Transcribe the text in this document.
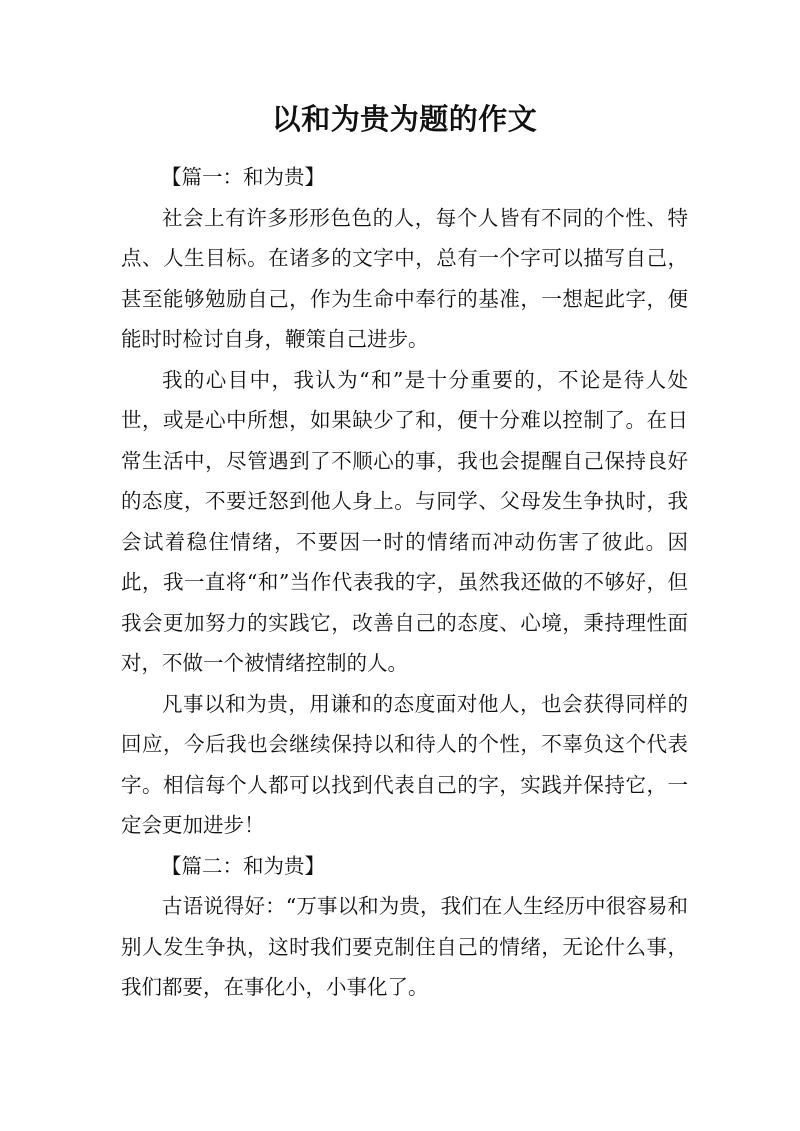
以和为贵为题的作文

【篇一：和为贵】

社会上有许多形形色色的人，每个人皆有不同的个性、特点、人生目标。在诸多的文字中，总有一个字可以描写自己，甚至能够勉励自己，作为生命中奉行的基准，一想起此字，便能时时检讨自身，鞭策自己进步。

我的心目中，我认为“和”是十分重要的，不论是待人处世，或是心中所想，如果缺少了和，便十分难以控制了。在日常生活中，尽管遇到了不顺心的事，我也会提醒自己保持良好的态度，不要迁怒到他人身上。与同学、父母发生争执时，我会试着稳住情绪，不要因一时的情绪而冲动伤害了彼此。因此，我一直将“和”当作代表我的字，虽然我还做的不够好，但我会更加努力的实践它，改善自己的态度、心境，秉持理性面对，不做一个被情绪控制的人。

凡事以和为贵，用谦和的态度面对他人，也会获得同样的回应，今后我也会继续保持以和待人的个性，不辜负这个代表字。相信每个人都可以找到代表自己的字，实践并保持它，一定会更加进步！

【篇二：和为贵】

古语说得好：“万事以和为贵，我们在人生经历中很容易和别人发生争执，这时我们要克制住自己的情绪，无论什么事，我们都要，在事化小，小事化了。
